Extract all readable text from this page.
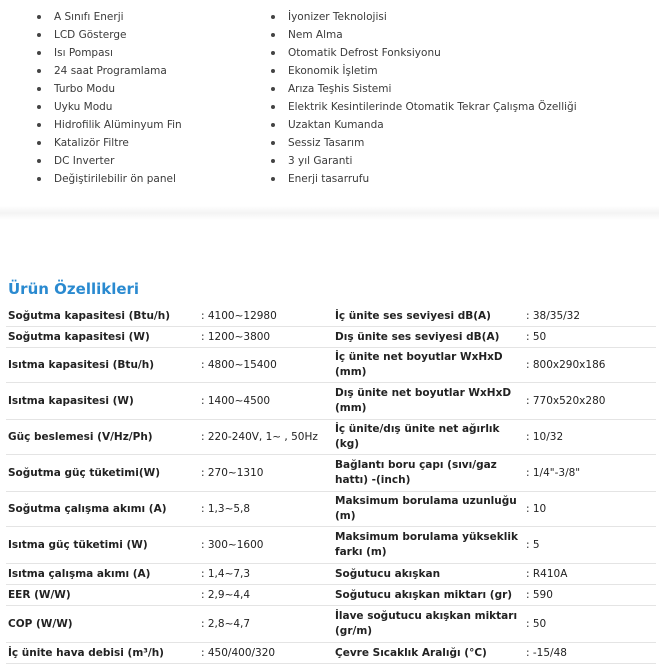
A Sınıfı Enerji
LCD Gösterge
Isı Pompası
24 saat Programlama
Turbo Modu
Uyku Modu
Hidrofilik Alüminyum Fin
Katalizör Filtre
DC Inverter
Değiştirilebilir ön panel
İyonizer Teknolojisi
Nem Alma
Otomatik Defrost Fonksiyonu
Ekonomik İşletim
Arıza Teşhis Sistemi
Elektrik Kesintilerinde Otomatik Tekrar Çalışma Özelliği
Uzaktan Kumanda
Sessiz Tasarım
3 yıl Garanti
Enerji tasarrufu
Ürün Özellikleri
Soğutma kapasitesi (Btu/h)	: 4100~12980	İç ünite ses seviyesi dB(A)	: 38/35/32
Soğutma kapasitesi (W)	: 1200~3800	Dış ünite ses seviyesi dB(A)	: 50
Isıtma kapasitesi (Btu/h)	: 4800~15400	İç ünite net boyutlar WxHxD (mm)	: 800x290x186
Isıtma kapasitesi (W)	: 1400~4500	Dış ünite net boyutlar WxHxD (mm)	: 770x520x280
Güç beslemesi (V/Hz/Ph)	: 220-240V, 1~ , 50Hz	İç ünite/dış ünite net ağırlık (kg)	: 10/32
Soğutma güç tüketimi(W)	: 270~1310	Bağlantı boru çapı (sıvı/gaz hattı) -(inch)	: 1/4"-3/8"
Soğutma çalışma akımı (A)	: 1,3~5,8	Maksimum borulama uzunluğu (m)	: 10
Isıtma güç tüketimi (W)	: 300~1600	Maksimum borulama yükseklik farkı (m)	: 5
Isıtma çalışma akımı (A)	: 1,4~7,3	Soğutucu akışkan	: R410A
EER (W/W)	: 2,9~4,4	Soğutucu akışkan miktarı (gr)	: 590
COP (W/W)	: 2,8~4,7	İlave soğutucu akışkan miktarı (gr/m)	: 50
İç ünite hava debisi (m³/h)	: 450/400/320	Çevre Sıcaklık Aralığı (°C)	: -15/48
